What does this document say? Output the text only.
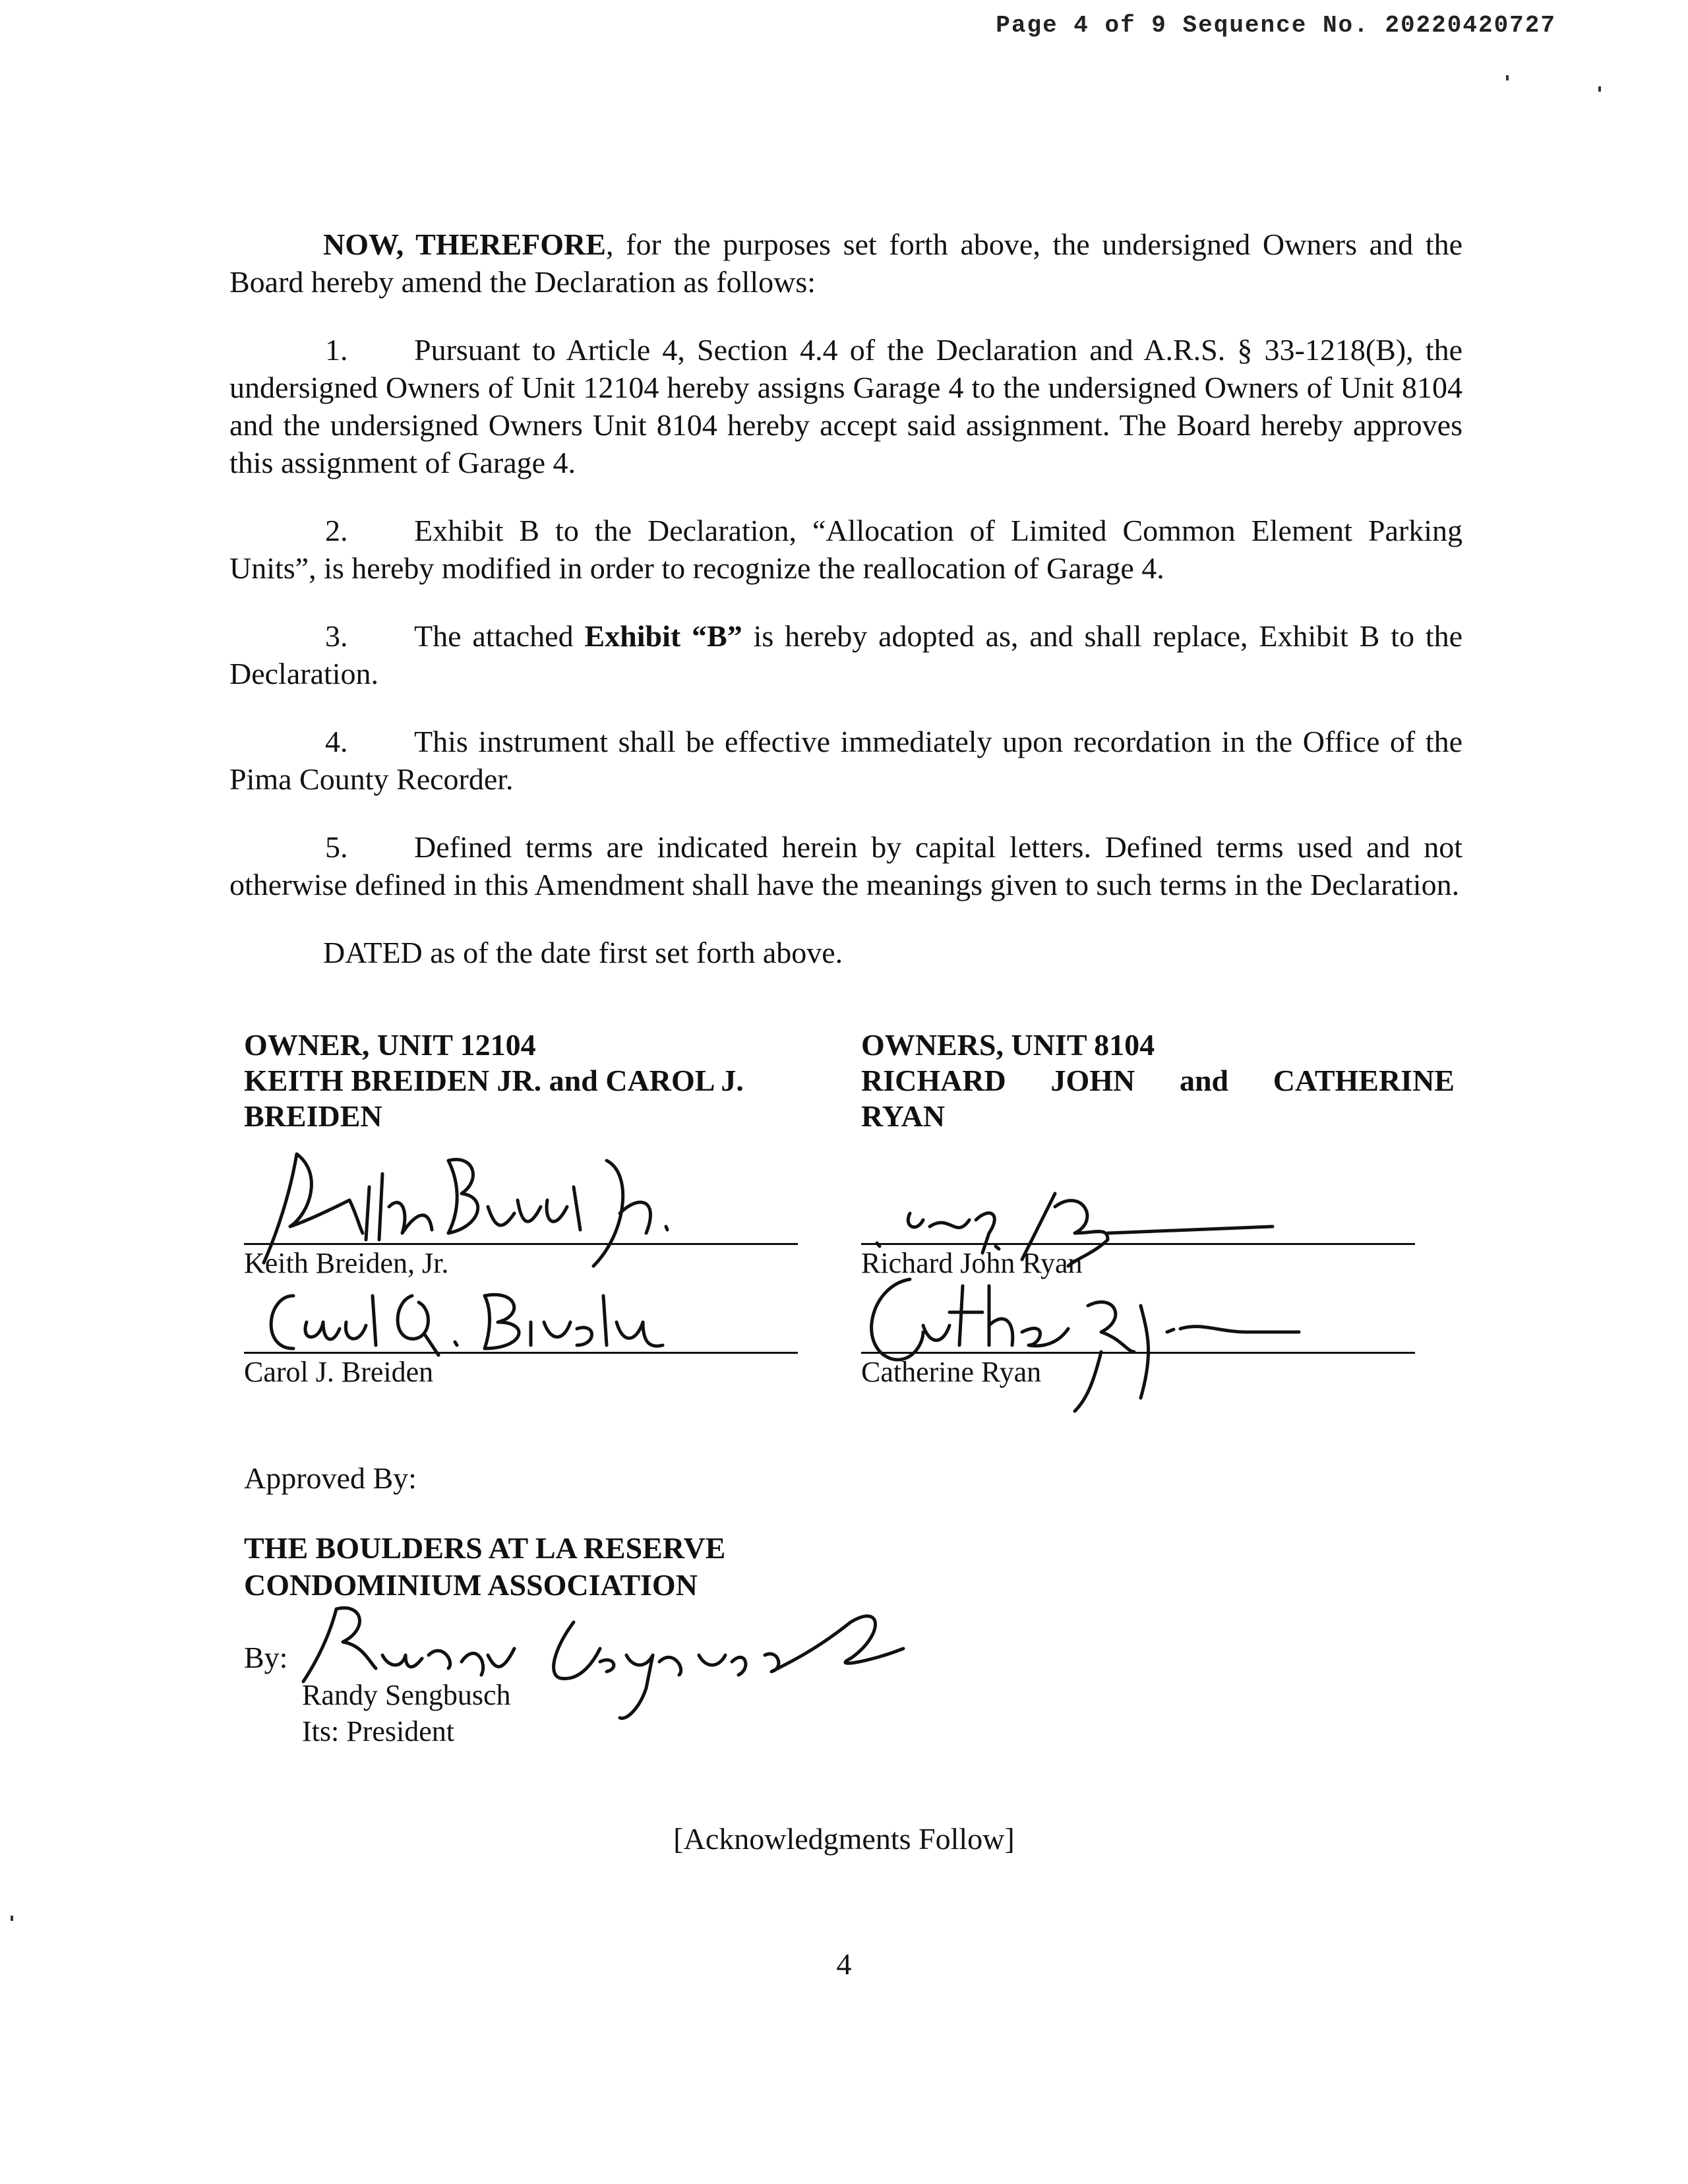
Page 4 of 9 Sequence No. 20220420727

NOW, THEREFORE, for the purposes set forth above, the undersigned Owners and the Board hereby amend the Declaration as follows:

1. Pursuant to Article 4, Section 4.4 of the Declaration and A.R.S. § 33-1218(B), the undersigned Owners of Unit 12104 hereby assigns Garage 4 to the undersigned Owners of Unit 8104 and the undersigned Owners Unit 8104 hereby accept said assignment. The Board hereby approves this assignment of Garage 4.

2. Exhibit B to the Declaration, “Allocation of Limited Common Element Parking Units”, is hereby modified in order to recognize the reallocation of Garage 4.

3. The attached Exhibit “B” is hereby adopted as, and shall replace, Exhibit B to the Declaration.

4. This instrument shall be effective immediately upon recordation in the Office of the Pima County Recorder.

5. Defined terms are indicated herein by capital letters. Defined terms used and not otherwise defined in this Amendment shall have the meanings given to such terms in the Declaration.

DATED as of the date first set forth above.

OWNER, UNIT 12104
KEITH BREIDEN JR. and CAROL J.
BREIDEN
OWNERS, UNIT 8104
RICHARD JOHN and CATHERINE
RYAN
Keith Breiden, Jr.
Carol J. Breiden
Richard John Ryan
Catherine Ryan
Approved By:
THE BOULDERS AT LA RESERVE
CONDOMINIUM ASSOCIATION
By:
Randy Sengbusch
Its: President
[Acknowledgments Follow]
4
